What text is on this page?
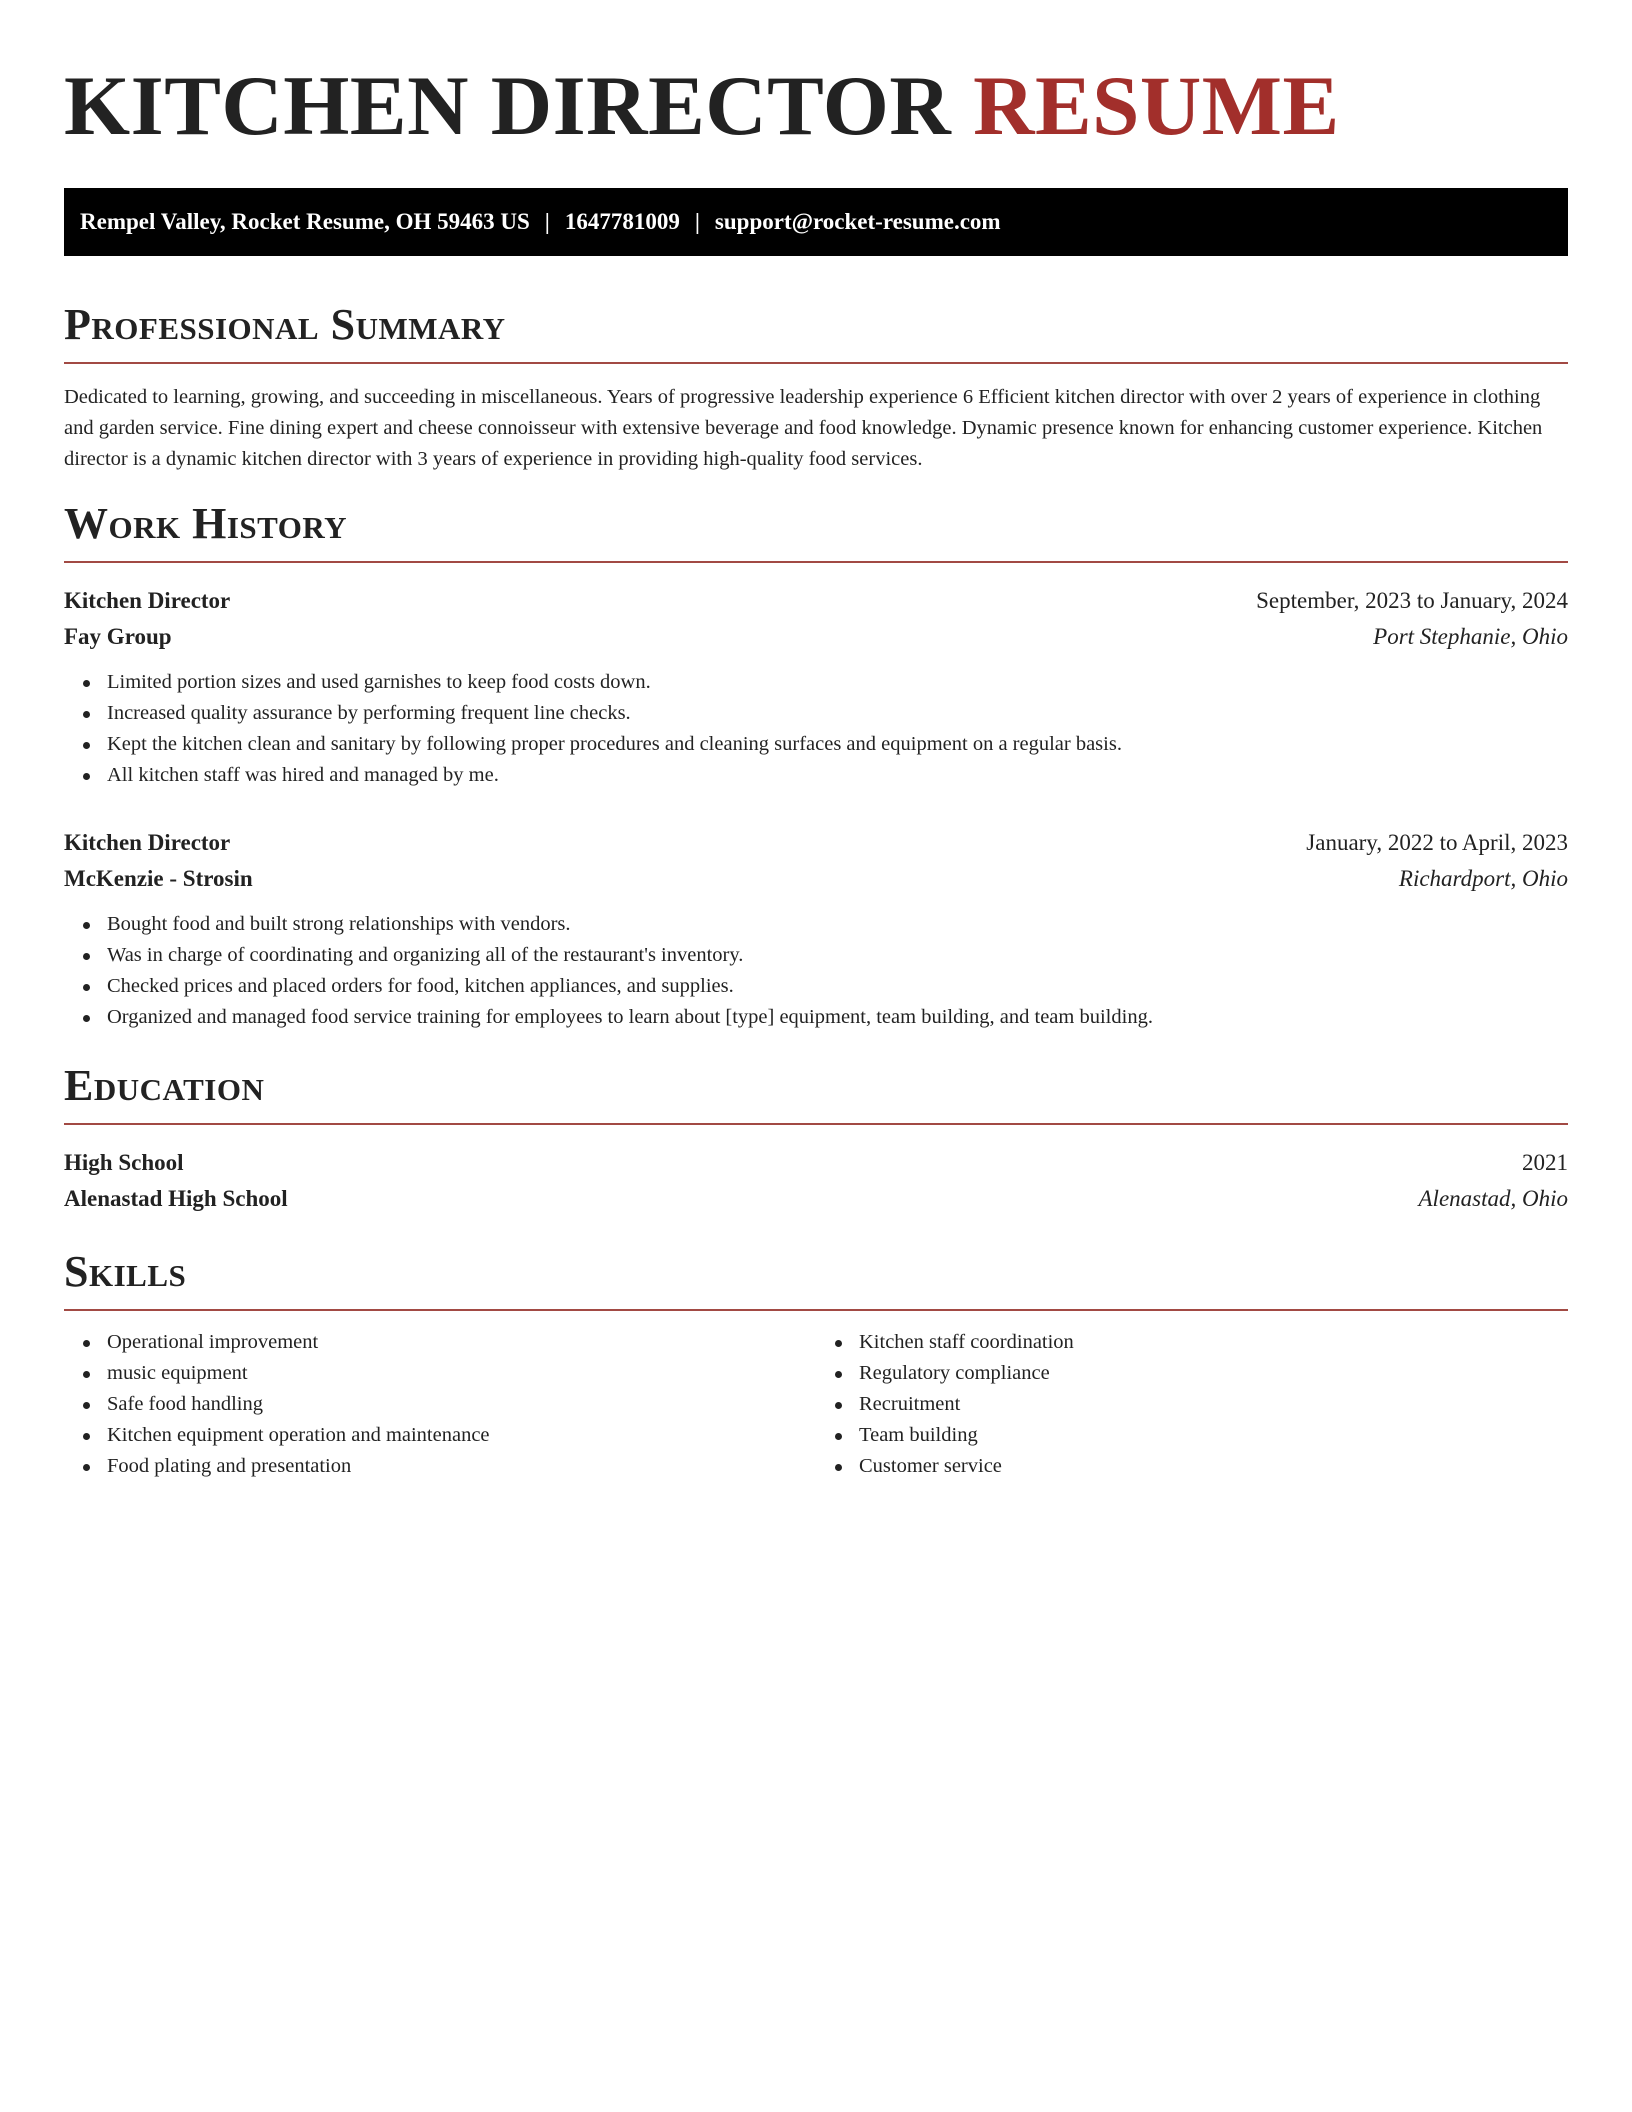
KITCHEN DIRECTOR RESUME
Rempel Valley, Rocket Resume, OH 59463 US | 1647781009 | support@rocket-resume.com
Professional Summary

Dedicated to learning, growing, and succeeding in miscellaneous. Years of progressive leadership experience 6 Efficient kitchen director with over 2 years of experience in clothing and garden service. Fine dining expert and cheese connoisseur with extensive beverage and food knowledge. Dynamic presence known for enhancing customer experience. Kitchen director is a dynamic kitchen director with 3 years of experience in providing high-quality food services.

Work History
Kitchen Director	September, 2023 to January, 2024
Fay Group	Port Stephanie, Ohio
Limited portion sizes and used garnishes to keep food costs down.
Increased quality assurance by performing frequent line checks.
Kept the kitchen clean and sanitary by following proper procedures and cleaning surfaces and equipment on a regular basis.
All kitchen staff was hired and managed by me.
Kitchen Director	January, 2022 to April, 2023
McKenzie - Strosin	Richardport, Ohio
Bought food and built strong relationships with vendors.
Was in charge of coordinating and organizing all of the restaurant's inventory.
Checked prices and placed orders for food, kitchen appliances, and supplies.
Organized and managed food service training for employees to learn about [type] equipment, team building, and team building.
Education
High School	2021
Alenastad High School	Alenastad, Ohio
Skills
Operational improvement
music equipment
Safe food handling
Kitchen equipment operation and maintenance
Food plating and presentation
Kitchen staff coordination
Regulatory compliance
Recruitment
Team building
Customer service
